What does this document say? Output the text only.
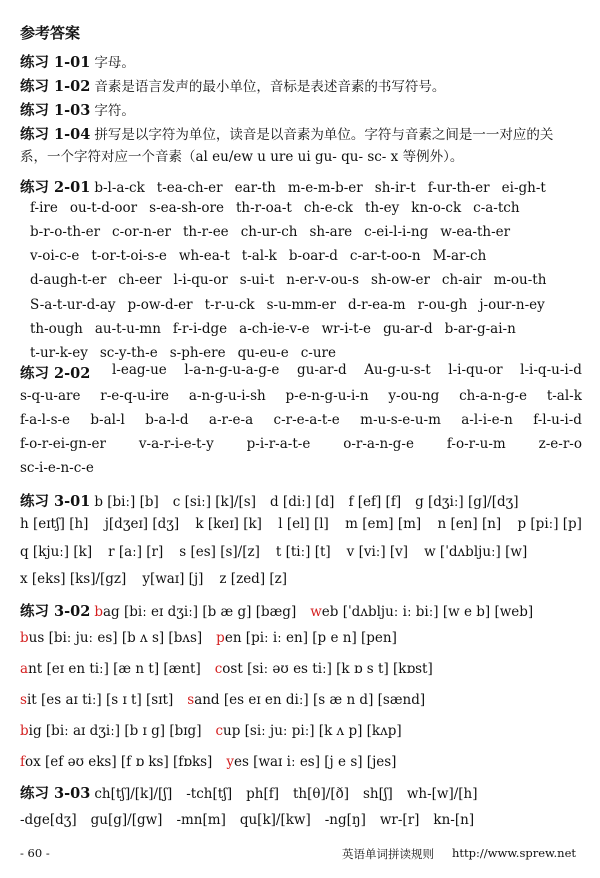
参考答案
练习 1-01 字母。
练习 1-02 音素是语言发声的最小单位，音标是表述音素的书写符号。
练习 1-03 字符。
练习 1-04 拼写是以字符为单位，读音是以音素为单位。字符与音素之间是一一对应的关系，一个字符对应一个音素（al eu/ew u ure ui gu- qu- sc- x 等例外）。
练习 2-01 b-l-a-ck t-ea-ch-er ear-th m-e-m-b-er sh-ir-t f-ur-th-er ei-gh-t
f-ire ou-t-d-oor s-ea-sh-ore th-r-oa-t ch-e-ck th-ey kn-o-ck c-a-tch
b-r-o-th-er c-or-n-er th-r-ee ch-ur-ch sh-are c-ei-l-i-ng w-ea-th-er
v-oi-c-e t-or-t-oi-s-e wh-ea-t t-al-k b-oar-d c-ar-t-oo-n M-ar-ch
d-augh-t-er ch-eer l-i-qu-or s-ui-t n-er-v-ou-s sh-ow-er ch-air m-ou-th
S-a-t-ur-d-ay p-ow-d-er t-r-u-ck s-u-mm-er d-r-ea-m r-ou-gh j-our-n-ey
th-ough au-t-u-mn f-r-i-dge a-ch-ie-v-e wr-i-t-e gu-ar-d b-ar-g-ai-n
t-ur-k-ey sc-y-th-e s-ph-ere qu-eu-e c-ure
练习 2-02 l-eag-ue l-a-n-g-u-a-g-e gu-ar-d Au-g-u-s-t l-i-qu-or l-i-q-u-i-d
s-q-u-are r-e-q-u-ire a-n-g-u-i-sh p-e-n-g-u-i-n y-ou-ng ch-a-n-g-e t-al-k
f-a-l-s-e b-al-l b-a-l-d a-r-e-a c-r-e-a-t-e m-u-s-e-u-m a-l-i-e-n f-l-u-i-d
f-o-r-ei-gn-er v-a-r-i-e-t-y p-i-r-a-t-e o-r-a-n-g-e f-o-r-u-m z-e-r-o
sc-i-e-n-c-e
练习 3-01 b [biː] [b] c [siː] [k]/[s] d [diː] [d] f [ef] [f] g [dʒiː] [g]/[dʒ]
h [eɪtʃ] [h] j[dʒeɪ] [dʒ] k [keɪ] [k] l [el] [l] m [em] [m] n [en] [n] p [piː] [p]
q [kjuː] [k] r [aː] [r] s [es] [s]/[z] t [tiː] [t] v [viː] [v] w [ˈdʌbljuː] [w]
x [eks] [ks]/[gz] y[waɪ] [j] z [zed] [z]
练习 3-02 bag [biː eɪ dʒiː] [b æ g] [bæg] web [ˈdʌbljuː iː biː] [w e b] [web]
bus [biː juː es] [b ʌ s] [bʌs] pen [piː iː en] [p e n] [pen]
ant [eɪ en tiː] [æ n t] [ænt] cost [siː əʊ es tiː] [k ɒ s t] [kɒst]
sit [es aɪ tiː] [s ɪ t] [sɪt] sand [es eɪ en diː] [s æ n d] [sænd]
big [biː aɪ dʒiː] [b ɪ g] [bɪg] cup [siː juː piː] [k ʌ p] [kʌp]
fox [ef əʊ eks] [f ɒ ks] [fɒks] yes [waɪ iː es] [j e s] [jes]
练习 3-03 ch[tʃ]/[k]/[ʃ] -tch[tʃ] ph[f] th[θ]/[ð] sh[ʃ] wh-[w]/[h]
-dge[dʒ] gu[g]/[gw] -mn[m] qu[k]/[kw] -ng[ŋ] wr-[r] kn-[n]
- 60 -	英语单词拼读规则 http://www.sprew.net
